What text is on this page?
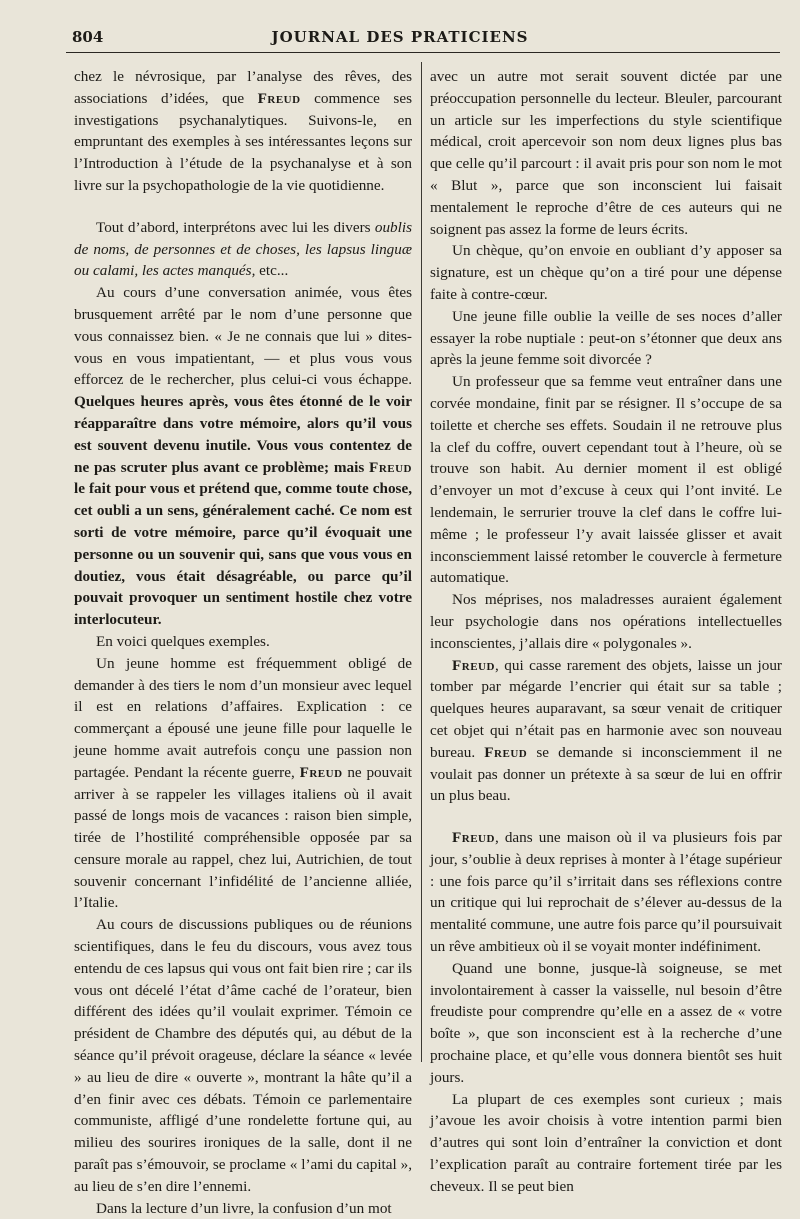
804	JOURNAL DES PRATICIENS

chez le névrosique, par l’analyse des rêves, des associations d’idées, que Freud commence ses investigations psychanalytiques. Suivons-le, en empruntant des exemples à ses intéressantes leçons sur l’Introduction à l’étude de la psychanalyse et à son livre sur la psychopathologie de la vie quotidienne.

Tout d’abord, interprétons avec lui les divers oublis de noms, de personnes et de choses, les lapsus linguæ ou calami, les actes manqués, etc...

Au cours d’une conversation animée, vous êtes brusquement arrêté par le nom d’une personne que vous connaissez bien. « Je ne connais que lui » dites-vous en vous impatientant, — et plus vous vous efforcez de le rechercher, plus celui-ci vous échappe. Quelques heures après, vous êtes étonné de le voir réapparaître dans votre mémoire, alors qu’il vous est souvent devenu inutile. Vous vous contentez de ne pas scruter plus avant ce problème; mais Freud le fait pour vous et prétend que, comme toute chose, cet oubli a un sens, généralement caché. Ce nom est sorti de votre mémoire, parce qu’il évoquait une personne ou un souvenir qui, sans que vous vous en doutiez, vous était désagréable, ou parce qu’il pouvait provoquer un sentiment hostile chez votre interlocuteur.

En voici quelques exemples.

Un jeune homme est fréquemment obligé de demander à des tiers le nom d’un monsieur avec lequel il est en relations d’affaires. Explication : ce commerçant a épousé une jeune fille pour laquelle le jeune homme avait autrefois conçu une passion non partagée. Pendant la récente guerre, Freud ne pouvait arriver à se rappeler les villages italiens où il avait passé de longs mois de vacances : raison bien simple, tirée de l’hostilité compréhensible opposée par sa censure morale au rappel, chez lui, Autrichien, de tout souvenir concernant l’infidélité de l’ancienne alliée, l’Italie.

Au cours de discussions publiques ou de réunions scientifiques, dans le feu du discours, vous avez tous entendu de ces lapsus qui vous ont fait bien rire ; car ils vous ont décelé l’état d’âme caché de l’orateur, bien différent des idées qu’il voulait exprimer. Témoin ce président de Chambre des députés qui, au début de la séance qu’il prévoit orageuse, déclare la séance « levée » au lieu de dire « ouverte », montrant la hâte qu’il a d’en finir avec ces débats. Témoin ce parlementaire communiste, affligé d’une rondelette fortune qui, au milieu des sourires ironiques de la salle, dont il ne paraît pas s’émouvoir, se proclame « l’ami du capital », au lieu de s’en dire l’ennemi.

Dans la lecture d’un livre, la confusion d’un mot

avec un autre mot serait souvent dictée par une préoccupation personnelle du lecteur. Bleuler, parcourant un article sur les imperfections du style scientifique médical, croit apercevoir son nom deux lignes plus bas que celle qu’il parcourt : il avait pris pour son nom le mot « Blut », parce que son inconscient lui faisait mentalement le reproche d’être de ces auteurs qui ne soignent pas assez la forme de leurs écrits.

Un chèque, qu’on envoie en oubliant d’y apposer sa signature, est un chèque qu’on a tiré pour une dépense faite à contre-cœur.

Une jeune fille oublie la veille de ses noces d’aller essayer la robe nuptiale : peut-on s’étonner que deux ans après la jeune femme soit divorcée ?

Un professeur que sa femme veut entraîner dans une corvée mondaine, finit par se résigner. Il s’occupe de sa toilette et cherche ses effets. Soudain il ne retrouve plus la clef du coffre, ouvert cependant tout à l’heure, où se trouve son habit. Au dernier moment il est obligé d’envoyer un mot d’excuse à ceux qui l’ont invité. Le lendemain, le serrurier trouve la clef dans le coffre lui-même ; le professeur l’y avait laissée glisser et avait inconsciemment laissé retomber le couvercle à fermeture automatique.

Nos méprises, nos maladresses auraient également leur psychologie dans nos opérations intellectuelles inconscientes, j’allais dire « polygonales ».

Freud, qui casse rarement des objets, laisse un jour tomber par mégarde l’encrier qui était sur sa table ; quelques heures auparavant, sa sœur venait de critiquer cet objet qui n’était pas en harmonie avec son nouveau bureau. Freud se demande si inconsciemment il ne voulait pas donner un prétexte à sa sœur de lui en offrir un plus beau.

Freud, dans une maison où il va plusieurs fois par jour, s’oublie à deux reprises à monter à l’étage supérieur : une fois parce qu’il s’irritait dans ses réflexions contre un critique qui lui reprochait de s’élever au-dessus de la mentalité commune, une autre fois parce qu’il poursuivait un rêve ambitieux où il se voyait monter indéfiniment.

Quand une bonne, jusque-là soigneuse, se met involontairement à casser la vaisselle, nul besoin d’être freudiste pour comprendre qu’elle en a assez de « votre boîte », que son inconscient est à la recherche d’une prochaine place, et qu’elle vous donnera bientôt ses huit jours.

La plupart de ces exemples sont curieux ; mais j’avoue les avoir choisis à votre intention parmi bien d’autres qui sont loin d’entraîner la conviction et dont l’explication paraît au contraire fortement tirée par les cheveux. Il se peut bien
